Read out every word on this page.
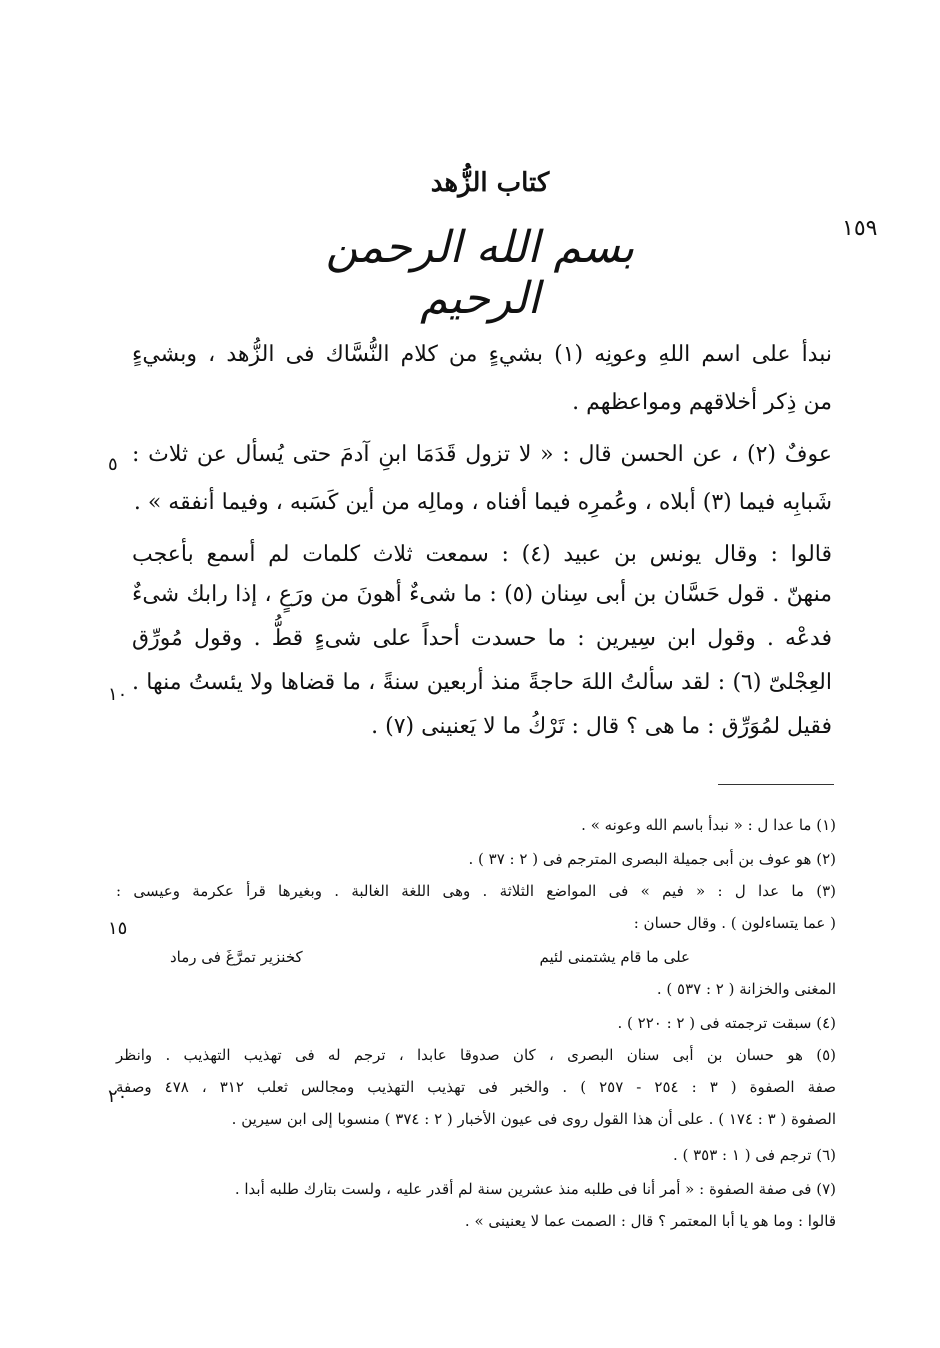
١٥٩
كتاب الزُّهد
بسم الله الرحمن الرحيم
نبدأ على اسم اللهِ وعونِه (١) بشيءٍ من كلام النُّسَّاك فى الزُّهد ، وبشيءٍ
من ذِكر أخلاقهم ومواعظهم .
عوفٌ (٢) ، عن الحسن قال : « لا تزول قَدَمَا ابنِ آدمَ حتى يُسأل عن ثلاث :
شَبابِه فيما (٣) أبلاه ، وعُمرِه فيما أفناه ، ومالِه من أين كَسَبه ، وفيما أنفقه » .
قالوا : وقال يونس بن عبيد (٤) : سمعت ثلاث كلمات لم أسمع بأعجب
منهنّ . قول حَسَّان بن أبى سِنان (٥) : ما شىءٌ أهونَ من ورَعٍ ، إذا رابك شىءٌ
فدعْه . وقول ابن سِيرين : ما حسدت أحداً على شىءٍ قطُّ . وقول مُورِّق
العِجْلىّ (٦) : لقد سألتُ اللهَ حاجةً منذ أربعين سنةً ، ما قضاها ولا يئستُ منها .
فقيل لمُوَرِّق : ما هى ؟ قال : تَرْكُ ما لا يَعنينى (٧) .
٥
١٠
١٥
٢٠
(١) ما عدا ل : « نبدأ باسم الله وعونه » .
(٢) هو عوف بن أبى جميلة البصرى المترجم فى ( ٢ : ٣٧ ) .
(٣) ما عدا ل : « فيم » فى المواضع الثلاثة . وهى اللغة الغالبة . وبغيرها قرأ عكرمة وعيسى :
( عما يتساءلون ) . وقال حسان :
على ما قام يشتمنى لئيم
كخنزير تمرَّغَ فى رماد
المغنى والخزانة ( ٢ : ٥٣٧ ) .
(٤) سبقت ترجمته فى ( ٢ : ٢٢٠ ) .
(٥) هو حسان بن أبى سنان البصرى ، كان صدوقا عابدا ، ترجم له فى تهذيب التهذيب . وانظر
صفة الصفوة ( ٣ : ٢٥٤ - ٢٥٧ ) . والخبر فى تهذيب التهذيب ومجالس ثعلب ٣١٢ ، ٤٧٨ وصفة
الصفوة ( ٣ : ١٧٤ ) . على أن هذا القول روى فى عيون الأخبار ( ٢ : ٣٧٤ ) منسوبا إلى ابن سيرين .
(٦) ترجم فى ( ١ : ٣٥٣ ) .
(٧) فى صفة الصفوة : « أمر أنا فى طلبه منذ عشرين سنة لم أقدر عليه ، ولست بتارك طلبه أبدا .
قالوا : وما هو يا أبا المعتمر ؟ قال : الصمت عما لا يعنينى » .
